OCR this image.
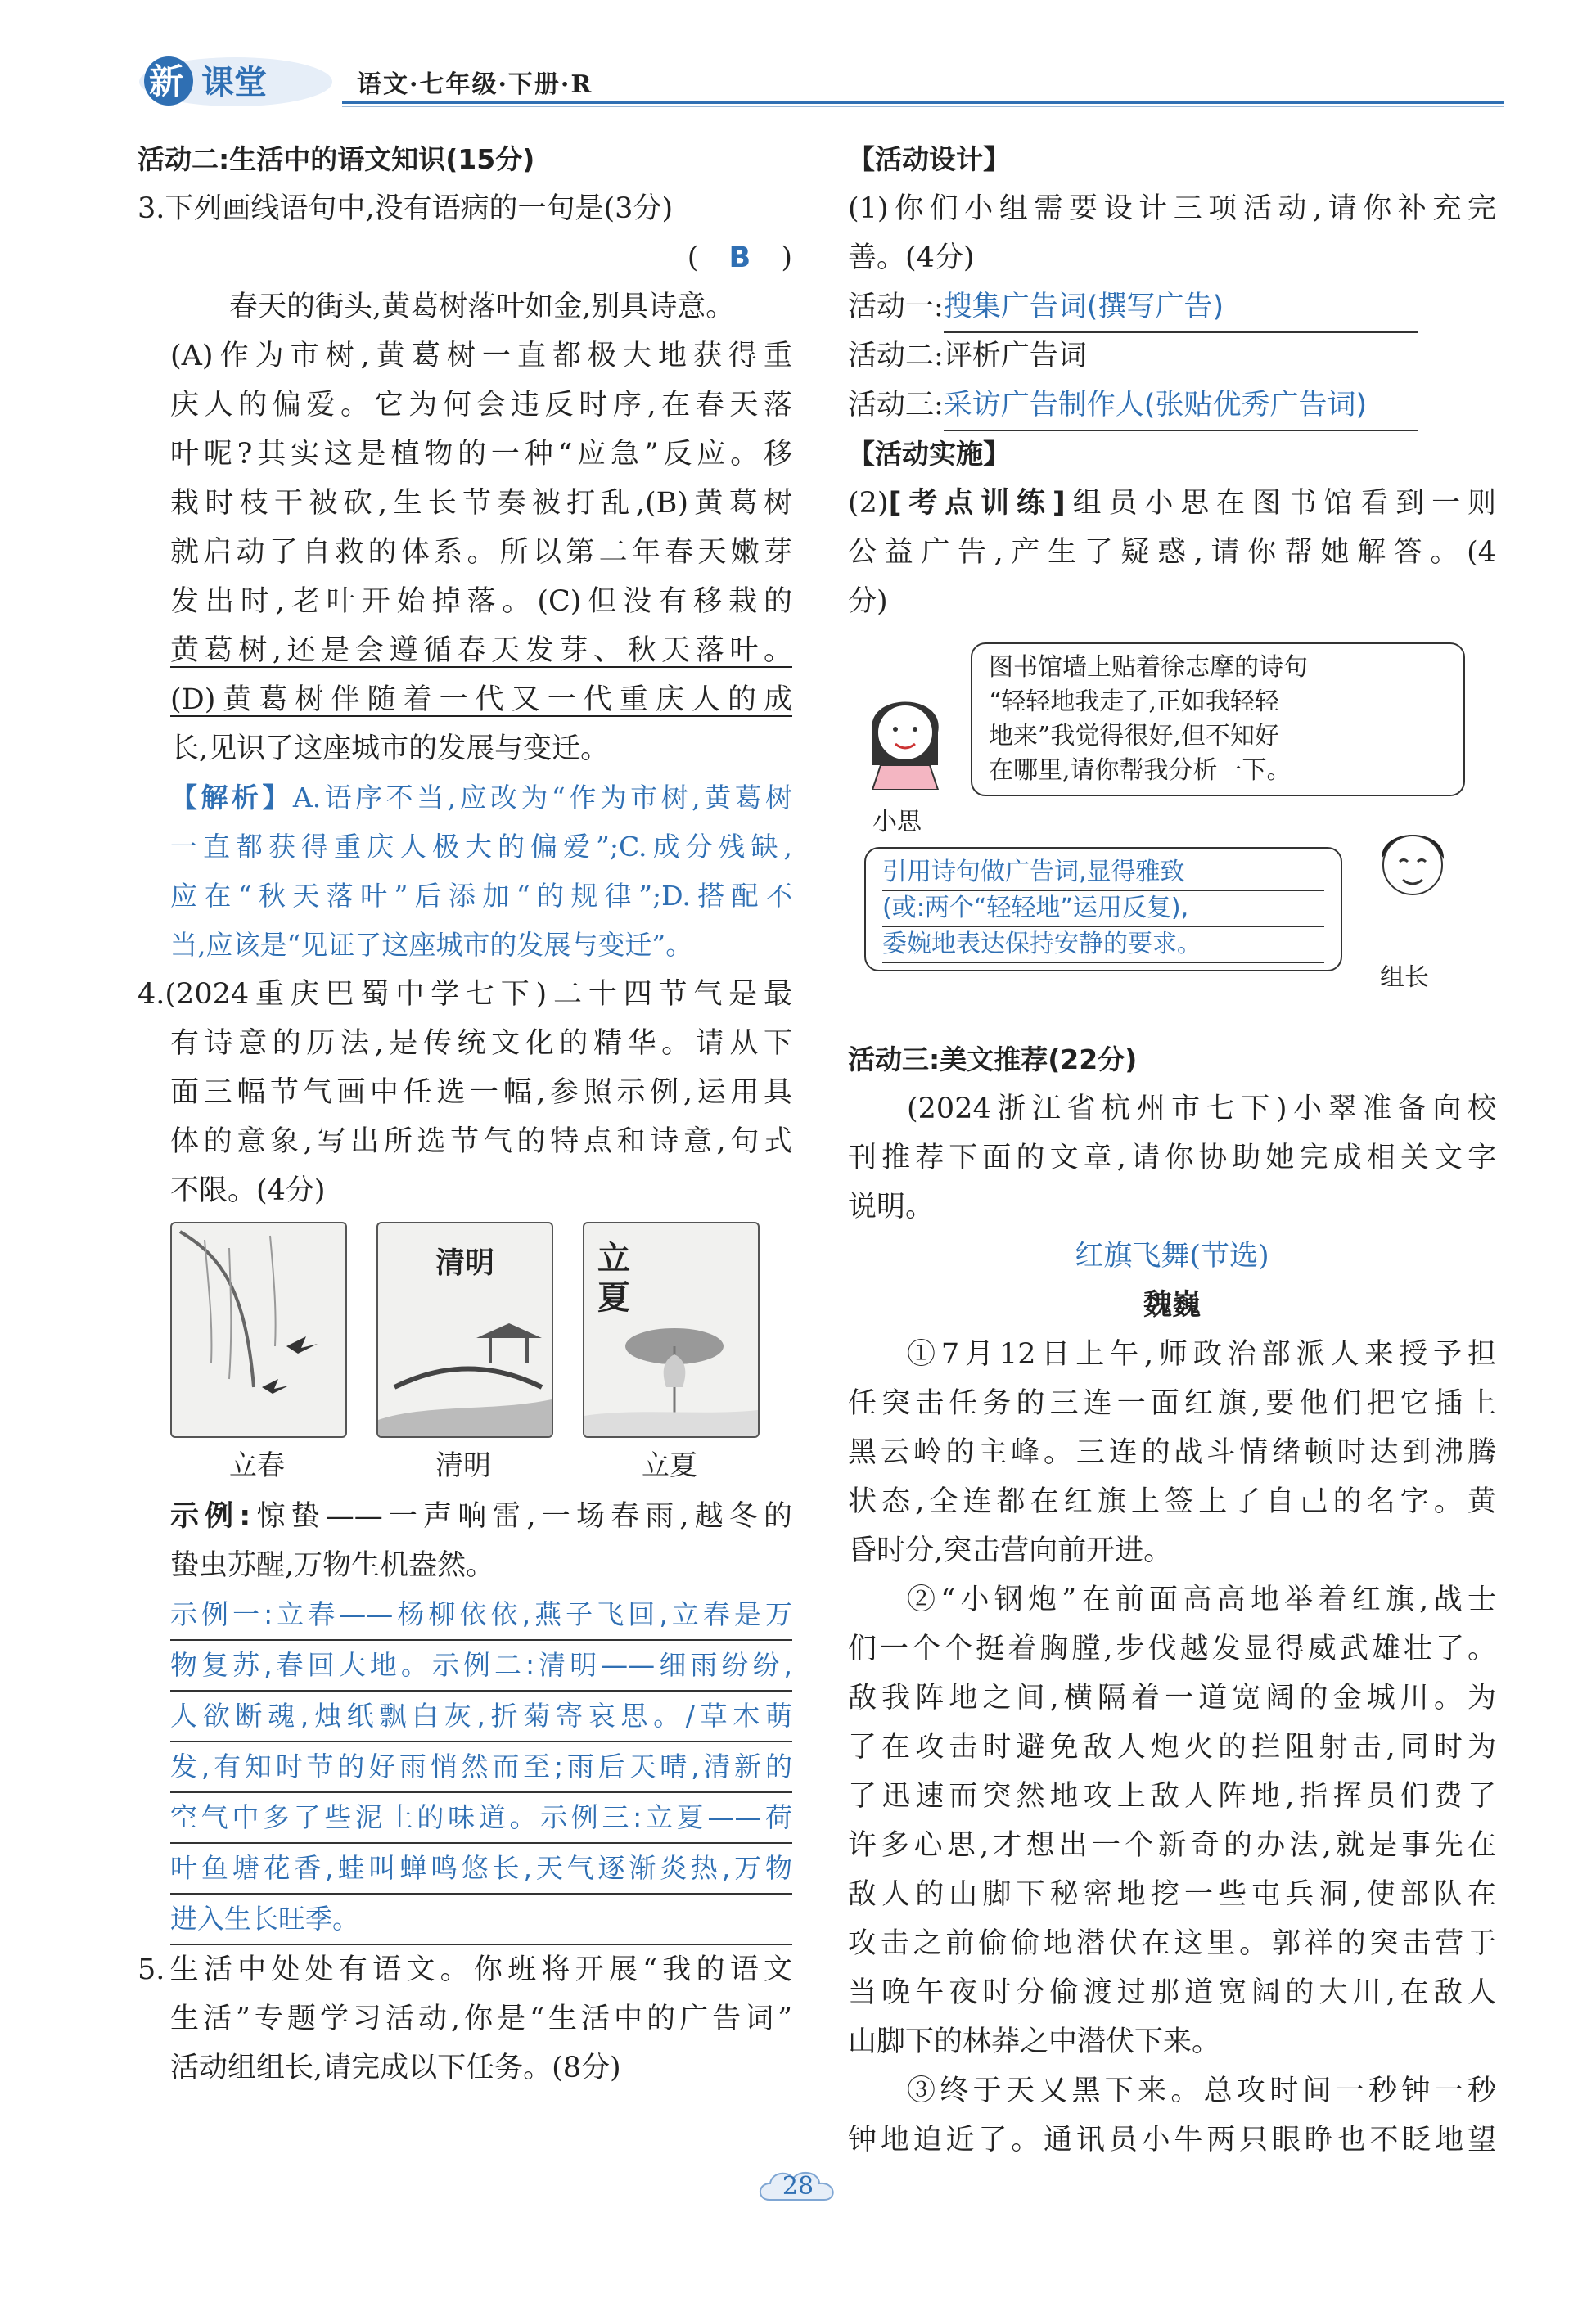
新 课堂	语文·七年级·下册·R
活动二:生活中的语文知识(15分)
3.下列画线语句中,没有语病的一句是(3分)
( B )
春天的街头,黄葛树落叶如金,别具诗意。
(A)作为市树,黄葛树一直都极大地获得重
庆人的偏爱。它为何会违反时序,在春天落
叶呢?其实这是植物的一种“应急”反应。移
栽时枝干被砍,生长节奏被打乱,(B)黄葛树
就启动了自救的体系。所以第二年春天嫩芽
发出时,老叶开始掉落。(C)但没有移栽的
黄葛树,还是会遵循春天发芽、秋天落叶。
(D)黄葛树伴随着一代又一代重庆人的成
长,见识了这座城市的发展与变迁。
【解析】A.语序不当,应改为“作为市树,黄葛树
一直都获得重庆人极大的偏爱”;C.成分残缺,
应在“秋天落叶”后添加“的规律”;D.搭配不
当,应该是“见证了这座城市的发展与变迁”。
4.(2024重庆巴蜀中学七下)二十四节气是最
有诗意的历法,是传统文化的精华。请从下
面三幅节气画中任选一幅,参照示例,运用具
体的意象,写出所选节气的特点和诗意,句式
不限。(4分)
清明	立
夏
立春	清明	立夏
示例:惊蛰——一声响雷,一场春雨,越冬的
蛰虫苏醒,万物生机盎然。
示例一:立春——杨柳依依,燕子飞回,立春是万
物复苏,春回大地。示例二:清明——细雨纷纷,
人欲断魂,烛纸飘白灰,折菊寄哀思。/草木萌
发,有知时节的好雨悄然而至;雨后天晴,清新的
空气中多了些泥土的味道。示例三:立夏——荷
叶鱼塘花香,蛙叫蝉鸣悠长,天气逐渐炎热,万物
进入生长旺季。
5.生活中处处有语文。你班将开展“我的语文
生活”专题学习活动,你是“生活中的广告词”
活动组组长,请完成以下任务。(8分)
【活动设计】
(1)你们小组需要设计三项活动,请你补充完
善。(4分)
活动一:搜集广告词(撰写广告)
活动二:评析广告词
活动三:采访广告制作人(张贴优秀广告词)
【活动实施】
(2)[考点训练]组员小思在图书馆看到一则
公益广告,产生了疑惑,请你帮她解答。(4
分)
小思
图书馆墙上贴着徐志摩的诗句
“轻轻地我走了,正如我轻轻
地来”我觉得很好,但不知好
在哪里,请你帮我分析一下。
引用诗句做广告词,显得雅致
(或:两个“轻轻地”运用反复),
委婉地表达保持安静的要求。
组长
活动三:美文推荐(22分)
(2024浙江省杭州市七下)小翠准备向校
刊推荐下面的文章,请你协助她完成相关文字
说明。
红旗飞舞(节选)
魏巍
①7月12日上午,师政治部派人来授予担
任突击任务的三连一面红旗,要他们把它插上
黑云岭的主峰。三连的战斗情绪顿时达到沸腾
状态,全连都在红旗上签上了自己的名字。黄
昏时分,突击营向前开进。
②“小钢炮”在前面高高地举着红旗,战士
们一个个挺着胸膛,步伐越发显得威武雄壮了。
敌我阵地之间,横隔着一道宽阔的金城川。为
了在攻击时避免敌人炮火的拦阻射击,同时为
了迅速而突然地攻上敌人阵地,指挥员们费了
许多心思,才想出一个新奇的办法,就是事先在
敌人的山脚下秘密地挖一些屯兵洞,使部队在
攻击之前偷偷地潜伏在这里。郭祥的突击营于
当晚午夜时分偷渡过那道宽阔的大川,在敌人
山脚下的林莽之中潜伏下来。
③终于天又黑下来。总攻时间一秒钟一秒
钟地迫近了。通讯员小牛两只眼睁也不眨地望
28
